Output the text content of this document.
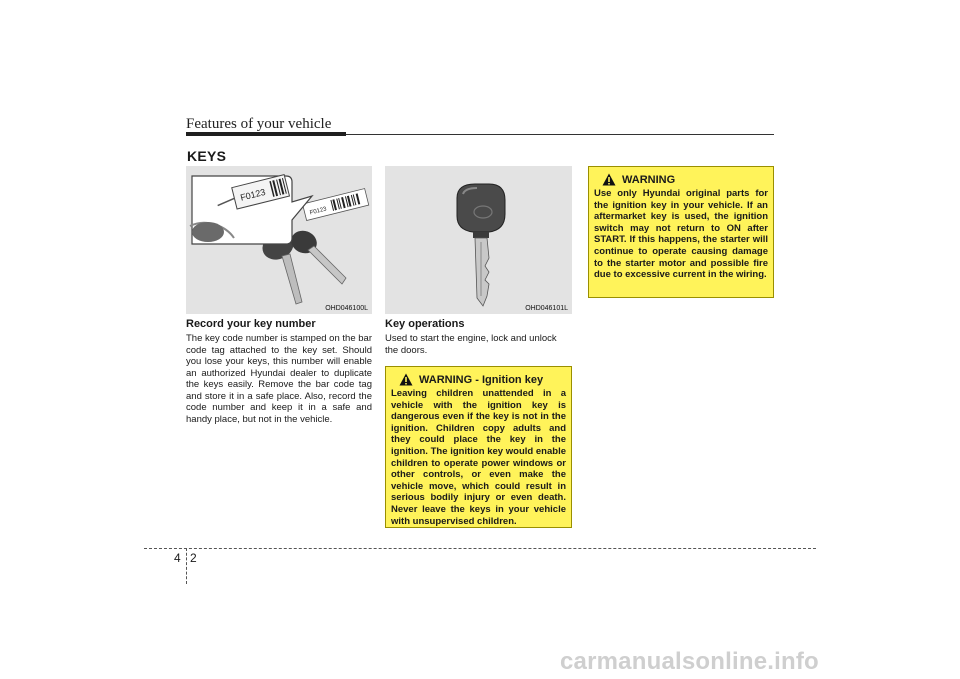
Features of your vehicle
KEYS
F0123
F0123
OHD046100L	OHD046101L
Record your key number
The key code number is stamped on the bar code tag attached to the key set. Should you lose your keys, this number will enable an authorized Hyundai dealer to duplicate the keys easily. Remove the bar code tag and store it in a safe place. Also, record the code number and keep it in a safe and handy place, but not in the vehicle.
Key operations
Used to start the engine, lock and unlock the doors.
WARNING - Ignition key
Leaving children unattended in a vehicle with the ignition key is dangerous even if the key is not in the ignition. Children copy adults and they could place the key in the ignition. The ignition key would enable children to operate power windows or other controls, or even make the vehicle move, which could result in serious bodily injury or even death. Never leave the keys in your vehicle with unsupervised children.
WARNING
Use only Hyundai original parts for the ignition key in your vehicle. If an aftermarket key is used, the ignition switch may not return to ON after START. If this happens, the starter will continue to operate causing damage to the starter motor and possible fire due to excessive current in the wiring.
4 2
carmanualsonline.info
